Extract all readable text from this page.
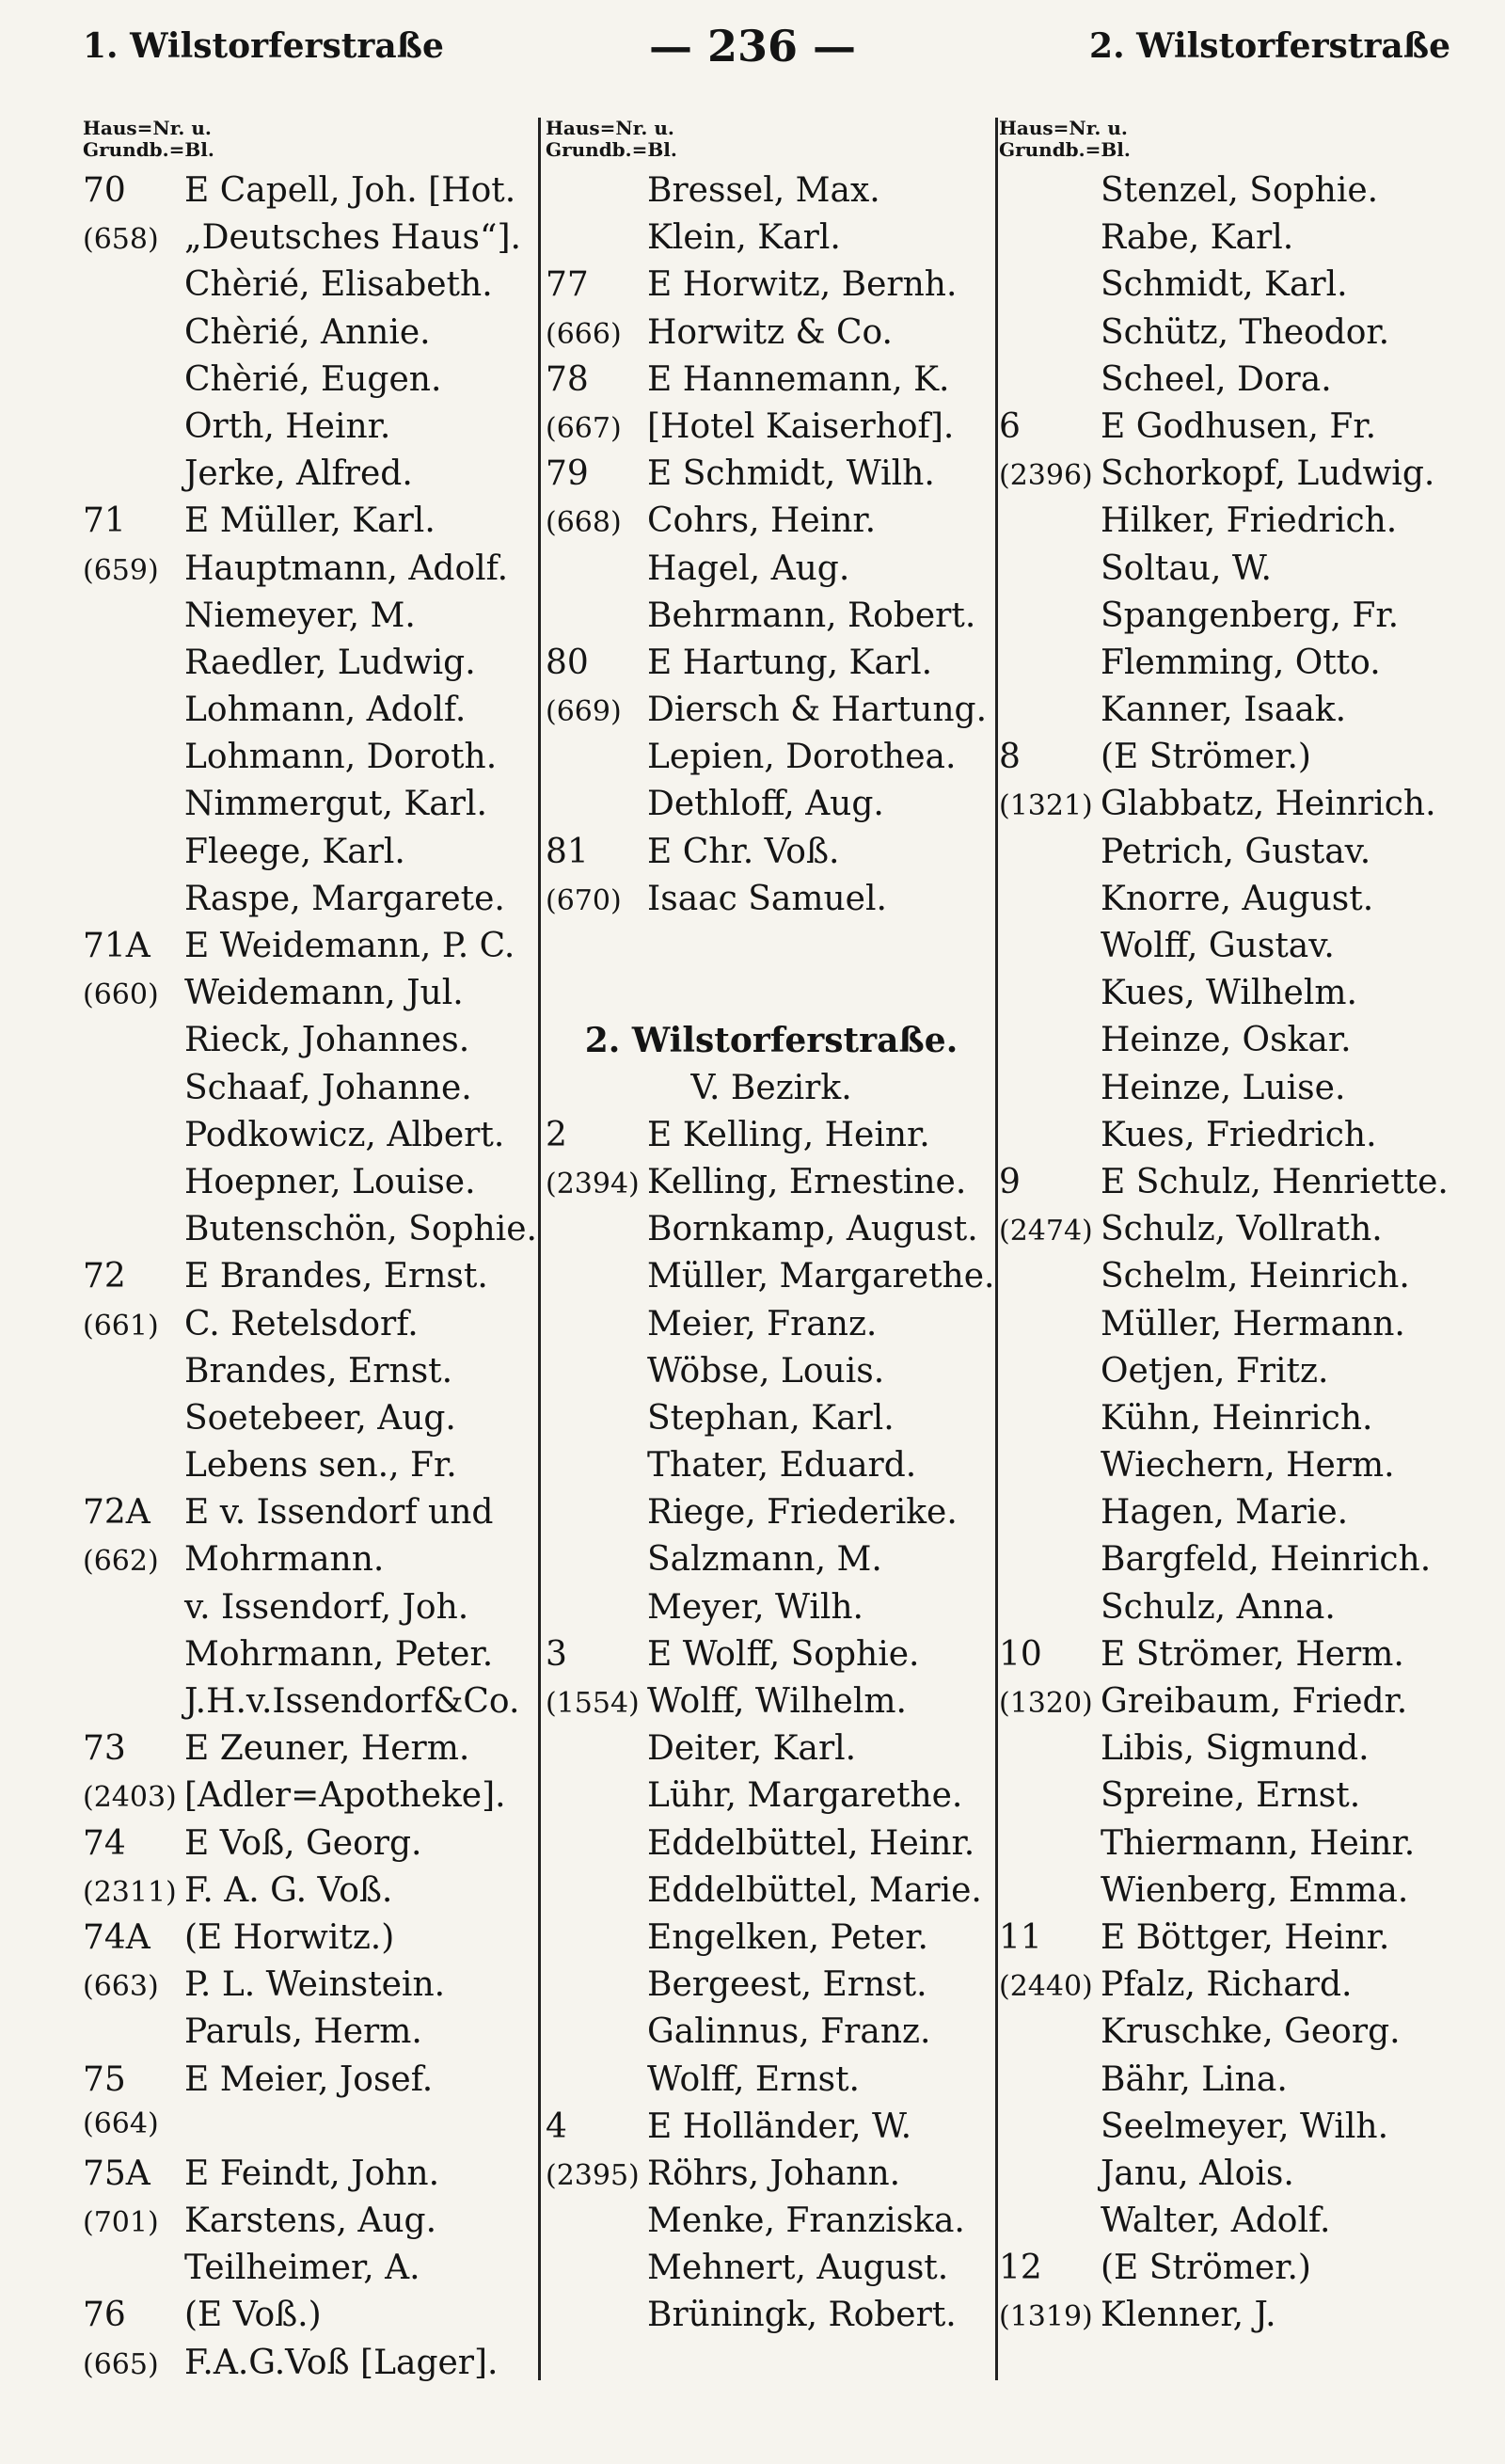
— 236 —
1. Wilstorferstraße	2. Wilstorferstraße
Haus=Nr. u.
Grundb.=Bl.
70	E Capell, Joh. [Hot.
(658) „Deutsches Haus“].
Chèrié, Elisabeth.
Chèrié, Annie.
Chèrié, Eugen.
Orth, Heinr.
Jerke, Alfred.
71	E Müller, Karl.
(659) Hauptmann, Adolf.
Niemeyer, M.
Raedler, Ludwig.
Lohmann, Adolf.
Lohmann, Doroth.
Nimmergut, Karl.
Fleege, Karl.
Raspe, Margarete.
71A	E Weidemann, P. C.
(660) Weidemann, Jul.
Rieck, Johannes.
Schaaf, Johanne.
Podkowicz, Albert.
Hoepner, Louise.
Butenschön, Sophie.
72	E Brandes, Ernst.
(661) C. Retelsdorf.
Brandes, Ernst.
Soetebeer, Aug.
Lebens sen., Fr.
72A	E v. Issendorf und
(662) Mohrmann.
v. Issendorf, Joh.
Mohrmann, Peter.
J.H.v.Issendorf&Co.
73	E Zeuner, Herm.
(2403) [Adler=Apotheke].
74	E Voß, Georg.
(2311) F. A. G. Voß.
74A	(E Horwitz.)
(663) P. L. Weinstein.
Paruls, Herm.
75	E Meier, Josef.
(664)
75A	E Feindt, John.
(701) Karstens, Aug.
Teilheimer, A.
76	(E Voß.)
(665) F.A.G.Voß [Lager].
Haus=Nr. u.
Grundb.=Bl.
Bressel, Max.
Klein, Karl.
77	E Horwitz, Bernh.
(666) Horwitz & Co.
78	E Hannemann, K.
(667) [Hotel Kaiserhof].
79	E Schmidt, Wilh.
(668) Cohrs, Heinr.
Hagel, Aug.
Behrmann, Robert.
80	E Hartung, Karl.
(669) Diersch & Hartung.
Lepien, Dorothea.
Dethloff, Aug.
81	E Chr. Voß.
(670) Isaac Samuel.
2. Wilstorferstraße.
V. Bezirk.
2	E Kelling, Heinr.
(2394) Kelling, Ernestine.
Bornkamp, August.
Müller, Margarethe.
Meier, Franz.
Wöbse, Louis.
Stephan, Karl.
Thater, Eduard.
Riege, Friederike.
Salzmann, M.
Meyer, Wilh.
3	E Wolff, Sophie.
(1554) Wolff, Wilhelm.
Deiter, Karl.
Lühr, Margarethe.
Eddelbüttel, Heinr.
Eddelbüttel, Marie.
Engelken, Peter.
Bergeest, Ernst.
Galinnus, Franz.
Wolff, Ernst.
4	E Holländer, W.
(2395) Röhrs, Johann.
Menke, Franziska.
Mehnert, August.
Brüningk, Robert.
Haus=Nr. u.
Grundb.=Bl.
Stenzel, Sophie.
Rabe, Karl.
Schmidt, Karl.
Schütz, Theodor.
Scheel, Dora.
6	E Godhusen, Fr.
(2396) Schorkopf, Ludwig.
Hilker, Friedrich.
Soltau, W.
Spangenberg, Fr.
Flemming, Otto.
Kanner, Isaak.
8	(E Strömer.)
(1321) Glabbatz, Heinrich.
Petrich, Gustav.
Knorre, August.
Wolff, Gustav.
Kues, Wilhelm.
Heinze, Oskar.
Heinze, Luise.
Kues, Friedrich.
9	E Schulz, Henriette.
(2474) Schulz, Vollrath.
Schelm, Heinrich.
Müller, Hermann.
Oetjen, Fritz.
Kühn, Heinrich.
Wiechern, Herm.
Hagen, Marie.
Bargfeld, Heinrich.
Schulz, Anna.
10	E Strömer, Herm.
(1320) Greibaum, Friedr.
Libis, Sigmund.
Spreine, Ernst.
Thiermann, Heinr.
Wienberg, Emma.
11	E Böttger, Heinr.
(2440) Pfalz, Richard.
Kruschke, Georg.
Bähr, Lina.
Seelmeyer, Wilh.
Janu, Alois.
Walter, Adolf.
12	(E Strömer.)
(1319) Klenner, J.
